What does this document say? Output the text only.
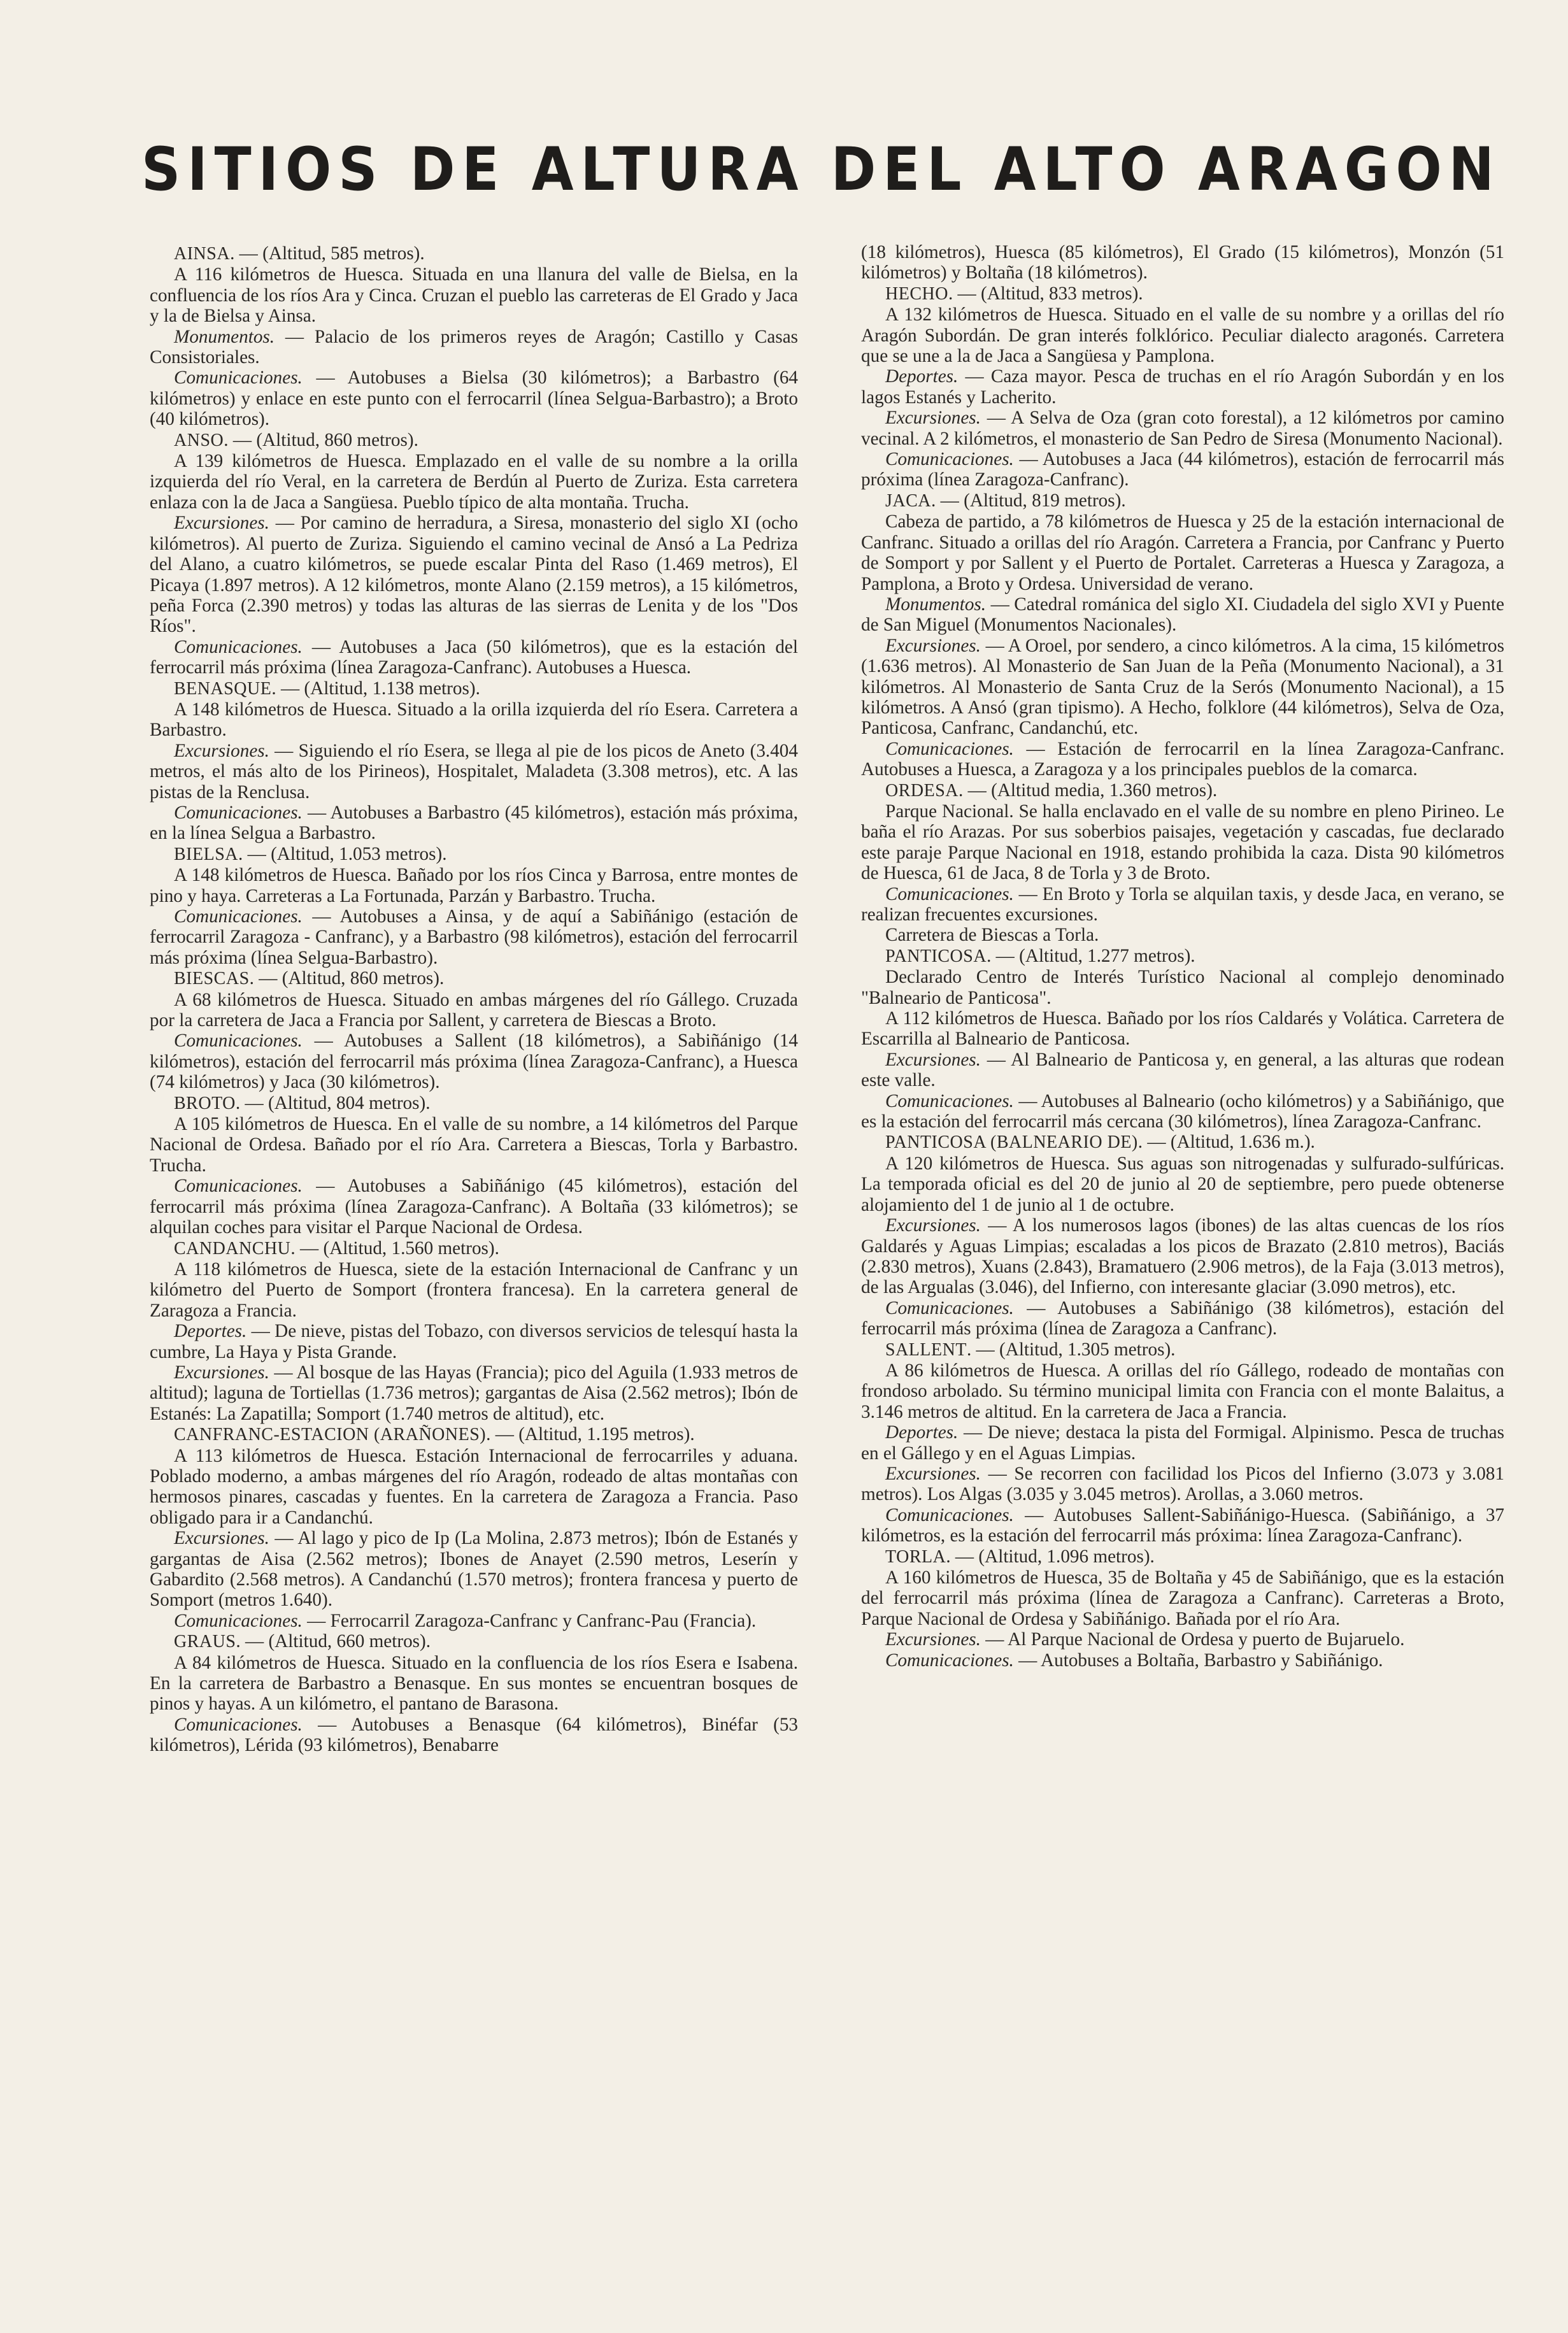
SITIOS DE ALTURA DEL ALTO ARAGON

AINSA. — (Altitud, 585 metros).

A 116 kilómetros de Huesca. Situada en una llanura del valle de Bielsa, en la confluencia de los ríos Ara y Cinca. Cruzan el pueblo las carreteras de El Grado y Jaca y la de Bielsa y Ainsa.

Monumentos. — Palacio de los primeros reyes de Aragón; Castillo y Casas Consistoriales.

Comunicaciones. — Autobuses a Bielsa (30 kilómetros); a Barbastro (64 kilómetros) y enlace en este punto con el ferrocarril (línea Selgua-Barbastro); a Broto (40 kilómetros).

ANSO. — (Altitud, 860 metros).

A 139 kilómetros de Huesca. Emplazado en el valle de su nombre a la orilla izquierda del río Veral, en la carretera de Berdún al Puerto de Zuriza. Esta carretera enlaza con la de Jaca a Sangüesa. Pueblo típico de alta montaña. Trucha.

Excursiones. — Por camino de herradura, a Siresa, monasterio del siglo XI (ocho kilómetros). Al puerto de Zuriza. Siguiendo el camino vecinal de Ansó a La Pedriza del Alano, a cuatro kilómetros, se puede escalar Pinta del Raso (1.469 metros), El Picaya (1.897 metros). A 12 kilómetros, monte Alano (2.159 metros), a 15 kilómetros, peña Forca (2.390 metros) y todas las alturas de las sierras de Lenita y de los "Dos Ríos".

Comunicaciones. — Autobuses a Jaca (50 kilómetros), que es la estación del ferrocarril más próxima (línea Zaragoza-Canfranc). Autobuses a Huesca.

BENASQUE. — (Altitud, 1.138 metros).

A 148 kilómetros de Huesca. Situado a la orilla izquierda del río Esera. Carretera a Barbastro.

Excursiones. — Siguiendo el río Esera, se llega al pie de los picos de Aneto (3.404 metros, el más alto de los Pirineos), Hospitalet, Maladeta (3.308 metros), etc. A las pistas de la Renclusa.

Comunicaciones. — Autobuses a Barbastro (45 kilómetros), estación más próxima, en la línea Selgua a Barbastro.

BIELSA. — (Altitud, 1.053 metros).

A 148 kilómetros de Huesca. Bañado por los ríos Cinca y Barrosa, entre montes de pino y haya. Carreteras a La Fortunada, Parzán y Barbastro. Trucha.

Comunicaciones. — Autobuses a Ainsa, y de aquí a Sabiñánigo (estación de ferrocarril Zaragoza - Canfranc), y a Barbastro (98 kilómetros), estación del ferrocarril más próxima (línea Selgua-Barbastro).

BIESCAS. — (Altitud, 860 metros).

A 68 kilómetros de Huesca. Situado en ambas márgenes del río Gállego. Cruzada por la carretera de Jaca a Francia por Sallent, y carretera de Biescas a Broto.

Comunicaciones. — Autobuses a Sallent (18 kilómetros), a Sabiñánigo (14 kilómetros), estación del ferrocarril más próxima (línea Zaragoza-Canfranc), a Huesca (74 kilómetros) y Jaca (30 kilómetros).

BROTO. — (Altitud, 804 metros).

A 105 kilómetros de Huesca. En el valle de su nombre, a 14 kilómetros del Parque Nacional de Ordesa. Bañado por el río Ara. Carretera a Biescas, Torla y Barbastro. Trucha.

Comunicaciones. — Autobuses a Sabiñánigo (45 kilómetros), estación del ferrocarril más próxima (línea Zaragoza-Canfranc). A Boltaña (33 kilómetros); se alquilan coches para visitar el Parque Nacional de Ordesa.

CANDANCHU. — (Altitud, 1.560 metros).

A 118 kilómetros de Huesca, siete de la estación Internacional de Canfranc y un kilómetro del Puerto de Somport (frontera francesa). En la carretera general de Zaragoza a Francia.

Deportes. — De nieve, pistas del Tobazo, con diversos servicios de telesquí hasta la cumbre, La Haya y Pista Grande.

Excursiones. — Al bosque de las Hayas (Francia); pico del Aguila (1.933 metros de altitud); laguna de Tortiellas (1.736 metros); gargantas de Aisa (2.562 metros); Ibón de Estanés: La Zapatilla; Somport (1.740 metros de altitud), etc.

CANFRANC-ESTACION (ARAÑONES). — (Altitud, 1.195 metros).

A 113 kilómetros de Huesca. Estación Internacional de ferrocarriles y aduana. Poblado moderno, a ambas márgenes del río Aragón, rodeado de altas montañas con hermosos pinares, cascadas y fuentes. En la carretera de Zaragoza a Francia. Paso obligado para ir a Candanchú.

Excursiones. — Al lago y pico de Ip (La Molina, 2.873 metros); Ibón de Estanés y gargantas de Aisa (2.562 metros); Ibones de Anayet (2.590 metros, Leserín y Gabardito (2.568 metros). A Candanchú (1.570 metros); frontera francesa y puerto de Somport (metros 1.640).

Comunicaciones. — Ferrocarril Zaragoza-Canfranc y Canfranc-Pau (Francia).

GRAUS. — (Altitud, 660 metros).

A 84 kilómetros de Huesca. Situado en la confluencia de los ríos Esera e Isabena. En la carretera de Barbastro a Benasque. En sus montes se encuentran bosques de pinos y hayas. A un kilómetro, el pantano de Barasona.

Comunicaciones. — Autobuses a Benasque (64 kilómetros), Binéfar (53 kilómetros), Lérida (93 kilómetros), Benabarre

(18 kilómetros), Huesca (85 kilómetros), El Grado (15 kilómetros), Monzón (51 kilómetros) y Boltaña (18 kilómetros).

HECHO. — (Altitud, 833 metros).

A 132 kilómetros de Huesca. Situado en el valle de su nombre y a orillas del río Aragón Subordán. De gran interés folklórico. Peculiar dialecto aragonés. Carretera que se une a la de Jaca a Sangüesa y Pamplona.

Deportes. — Caza mayor. Pesca de truchas en el río Aragón Subordán y en los lagos Estanés y Lacherito.

Excursiones. — A Selva de Oza (gran coto forestal), a 12 kilómetros por camino vecinal. A 2 kilómetros, el monasterio de San Pedro de Siresa (Monumento Nacional).

Comunicaciones. — Autobuses a Jaca (44 kilómetros), estación de ferrocarril más próxima (línea Zaragoza-Canfranc).

JACA. — (Altitud, 819 metros).

Cabeza de partido, a 78 kilómetros de Huesca y 25 de la estación internacional de Canfranc. Situado a orillas del río Aragón. Carretera a Francia, por Canfranc y Puerto de Somport y por Sallent y el Puerto de Portalet. Carreteras a Huesca y Zaragoza, a Pamplona, a Broto y Ordesa. Universidad de verano.

Monumentos. — Catedral románica del siglo XI. Ciudadela del siglo XVI y Puente de San Miguel (Monumentos Nacionales).

Excursiones. — A Oroel, por sendero, a cinco kilómetros. A la cima, 15 kilómetros (1.636 metros). Al Monasterio de San Juan de la Peña (Monumento Nacional), a 31 kilómetros. Al Monasterio de Santa Cruz de la Serós (Monumento Nacional), a 15 kilómetros. A Ansó (gran tipismo). A Hecho, folklore (44 kilómetros), Selva de Oza, Panticosa, Canfranc, Candanchú, etc.

Comunicaciones. — Estación de ferrocarril en la línea Zaragoza-Canfranc. Autobuses a Huesca, a Zaragoza y a los principales pueblos de la comarca.

ORDESA. — (Altitud media, 1.360 metros).

Parque Nacional. Se halla enclavado en el valle de su nombre en pleno Pirineo. Le baña el río Arazas. Por sus soberbios paisajes, vegetación y cascadas, fue declarado este paraje Parque Nacional en 1918, estando prohibida la caza. Dista 90 kilómetros de Huesca, 61 de Jaca, 8 de Torla y 3 de Broto.

Comunicaciones. — En Broto y Torla se alquilan taxis, y desde Jaca, en verano, se realizan frecuentes excursiones.

Carretera de Biescas a Torla.

PANTICOSA. — (Altitud, 1.277 metros).

Declarado Centro de Interés Turístico Nacional al complejo denominado "Balneario de Panticosa".

A 112 kilómetros de Huesca. Bañado por los ríos Caldarés y Volática. Carretera de Escarrilla al Balneario de Panticosa.

Excursiones. — Al Balneario de Panticosa y, en general, a las alturas que rodean este valle.

Comunicaciones. — Autobuses al Balneario (ocho kilómetros) y a Sabiñánigo, que es la estación del ferrocarril más cercana (30 kilómetros), línea Zaragoza-Canfranc.

PANTICOSA (BALNEARIO DE). — (Altitud, 1.636 m.).

A 120 kilómetros de Huesca. Sus aguas son nitrogenadas y sulfurado-sulfúricas. La temporada oficial es del 20 de junio al 20 de septiembre, pero puede obtenerse alojamiento del 1 de junio al 1 de octubre.

Excursiones. — A los numerosos lagos (ibones) de las altas cuencas de los ríos Galdarés y Aguas Limpias; escaladas a los picos de Brazato (2.810 metros), Baciás (2.830 metros), Xuans (2.843), Bramatuero (2.906 metros), de la Faja (3.013 metros), de las Argualas (3.046), del Infierno, con interesante glaciar (3.090 metros), etc.

Comunicaciones. — Autobuses a Sabiñánigo (38 kilómetros), estación del ferrocarril más próxima (línea de Zaragoza a Canfranc).

SALLENT. — (Altitud, 1.305 metros).

A 86 kilómetros de Huesca. A orillas del río Gállego, rodeado de montañas con frondoso arbolado. Su término municipal limita con Francia con el monte Balaitus, a 3.146 metros de altitud. En la carretera de Jaca a Francia.

Deportes. — De nieve; destaca la pista del Formigal. Alpinismo. Pesca de truchas en el Gállego y en el Aguas Limpias.

Excursiones. — Se recorren con facilidad los Picos del Infierno (3.073 y 3.081 metros). Los Algas (3.035 y 3.045 metros). Arollas, a 3.060 metros.

Comunicaciones. — Autobuses Sallent-Sabiñánigo-Huesca. (Sabiñánigo, a 37 kilómetros, es la estación del ferrocarril más próxima: línea Zaragoza-Canfranc).

TORLA. — (Altitud, 1.096 metros).

A 160 kilómetros de Huesca, 35 de Boltaña y 45 de Sabiñánigo, que es la estación del ferrocarril más próxima (línea de Zaragoza a Canfranc). Carreteras a Broto, Parque Nacional de Ordesa y Sabiñánigo. Bañada por el río Ara.

Excursiones. — Al Parque Nacional de Ordesa y puerto de Bujaruelo.

Comunicaciones. — Autobuses a Boltaña, Barbastro y Sabiñánigo.
